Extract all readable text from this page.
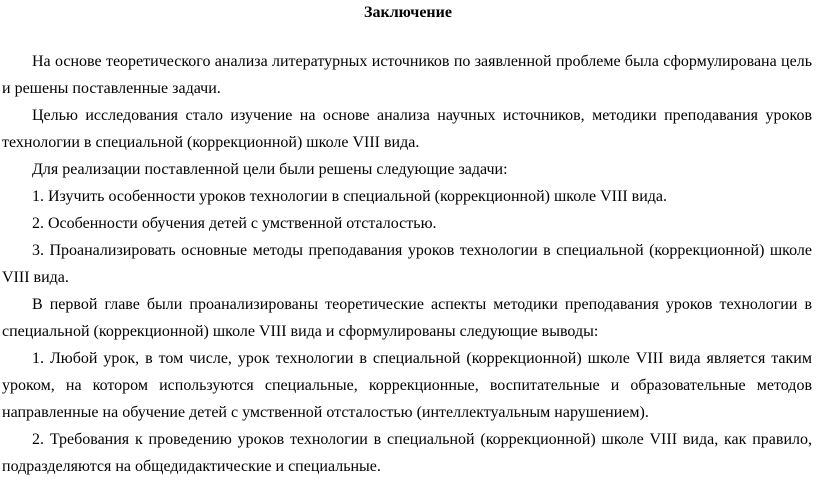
Заключение

На основе теоретического анализа литературных источников по заявленной проблеме была сформулирована цель и решены поставленные задачи.

Целью исследования стало изучение на основе анализа научных источников, методики преподавания уроков технологии в специальной (коррекционной) школе VIII вида.

Для реализации поставленной цели были решены следующие задачи:

1. Изучить особенности уроков технологии в специальной (коррекционной) школе VIII вида.

2. Особенности обучения детей с умственной отсталостью.

3. Проанализировать основные методы преподавания уроков технологии в специальной (коррекционной) школе VIII вида.

В первой главе были проанализированы теоретические аспекты методики преподавания уроков технологии в специальной (коррекционной) школе VIII вида и сформулированы следующие выводы:

1. Любой урок, в том числе, урок технологии в специальной (коррекционной) школе VIII вида является таким уроком, на котором используются специальные, коррекционные, воспитательные и образовательные методов направленные на обучение детей с умственной отсталостью (интеллектуальным нарушением).

2. Требования к проведению уроков технологии в специальной (коррекционной) школе VIII вида, как правило, подразделяются на общедидактические и специальные.
